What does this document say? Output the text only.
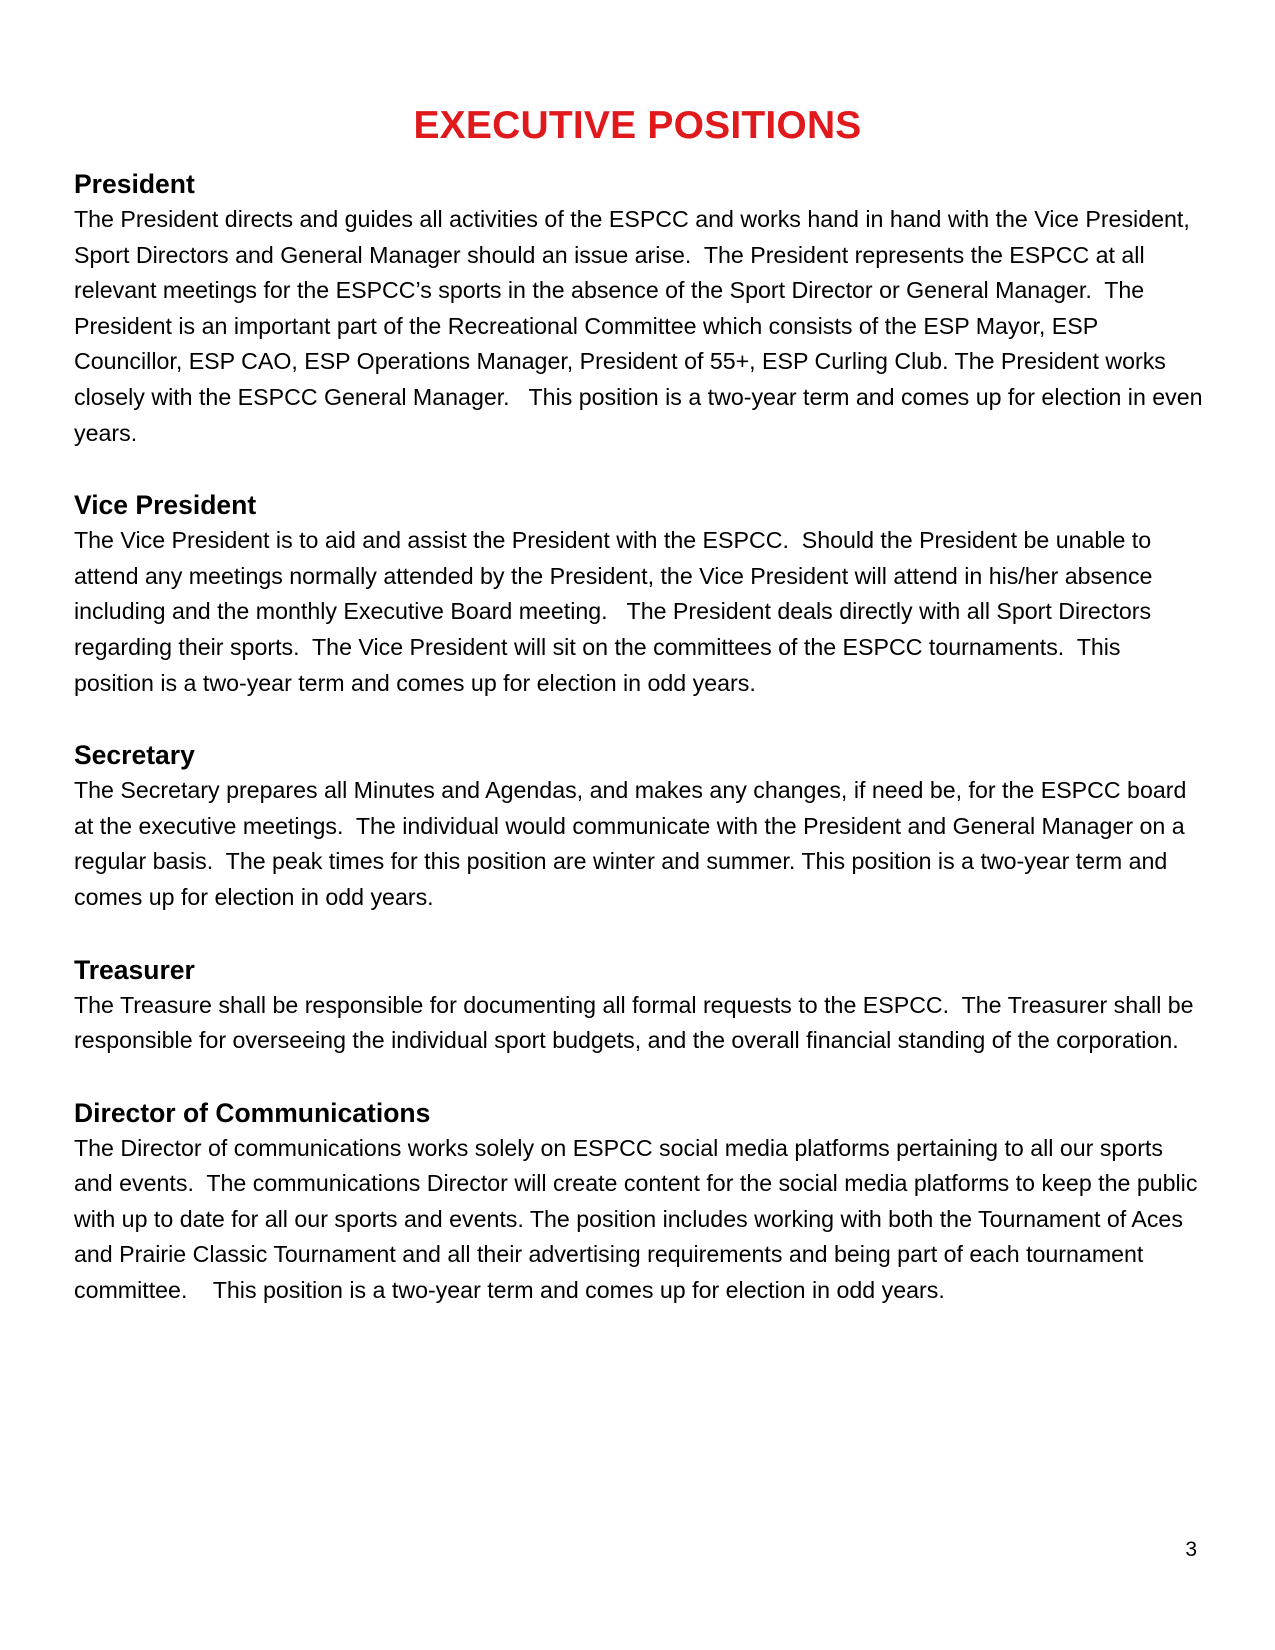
EXECUTIVE POSITIONS
President

The President directs and guides all activities of the ESPCC and works hand in hand with the Vice President, Sport Directors and General Manager should an issue arise.  The President represents the ESPCC at all relevant meetings for the ESPCC’s sports in the absence of the Sport Director or General Manager.  The President is an important part of the Recreational Committee which consists of the ESP Mayor, ESP Councillor, ESP CAO, ESP Operations Manager, President of 55+, ESP Curling Club. The President works closely with the ESPCC General Manager.   This position is a two-year term and comes up for election in even years.

Vice President

The Vice President is to aid and assist the President with the ESPCC.  Should the President be unable to attend any meetings normally attended by the President, the Vice President will attend in his/her absence including and the monthly Executive Board meeting.   The President deals directly with all Sport Directors regarding their sports.  The Vice President will sit on the committees of the ESPCC tournaments.  This position is a two-year term and comes up for election in odd years.

Secretary

The Secretary prepares all Minutes and Agendas, and makes any changes, if need be, for the ESPCC board at the executive meetings.  The individual would communicate with the President and General Manager on a regular basis.  The peak times for this position are winter and summer. This position is a two-year term and comes up for election in odd years.

Treasurer

The Treasure shall be responsible for documenting all formal requests to the ESPCC.  The Treasurer shall be responsible for overseeing the individual sport budgets, and the overall financial standing of the corporation.

Director of Communications

The Director of communications works solely on ESPCC social media platforms pertaining to all our sports and events.  The communications Director will create content for the social media platforms to keep the public with up to date for all our sports and events. The position includes working with both the Tournament of Aces and Prairie Classic Tournament and all their advertising requirements and being part of each tournament committee.    This position is a two-year term and comes up for election in odd years.

3
